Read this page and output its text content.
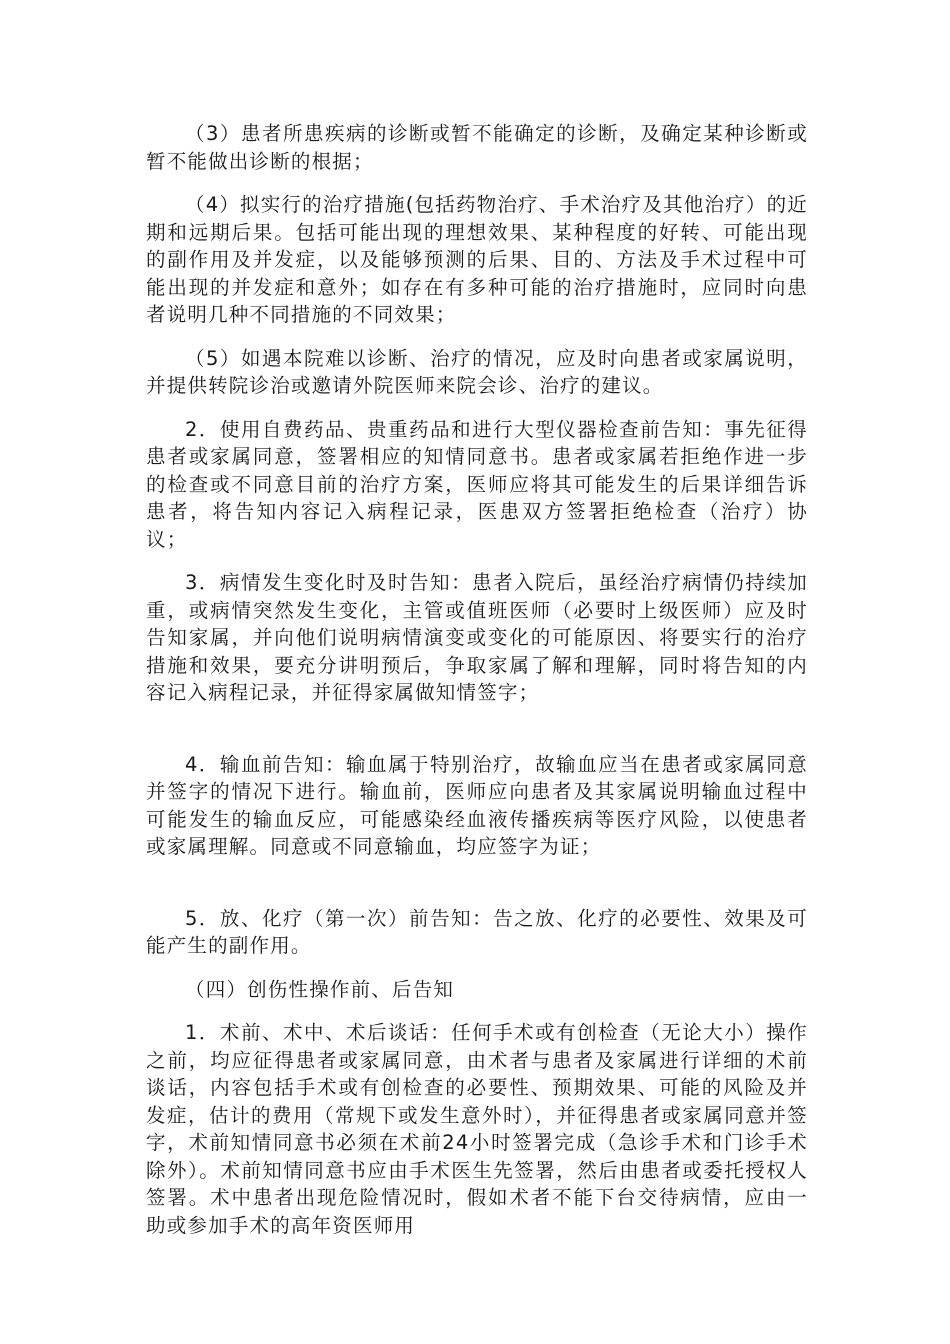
（3）患者所患疾病的诊断或暂不能确定的诊断，及确定某种诊断或暂不能做出诊断的根据；

（4）拟实行的治疗措施(包括药物治疗、手术治疗及其他治疗）的近期和远期后果。包括可能出现的理想效果、某种程度的好转、可能出现的副作用及并发症，以及能够预测的后果、目的、方法及手术过程中可能出现的并发症和意外；如存在有多种可能的治疗措施时，应同时向患者说明几种不同措施的不同效果；

（5）如遇本院难以诊断、治疗的情况，应及时向患者或家属说明，并提供转院诊治或邀请外院医师来院会诊、治疗的建议。

2．使用自费药品、贵重药品和进行大型仪器检查前告知：事先征得患者或家属同意，签署相应的知情同意书。患者或家属若拒绝作进一步的检查或不同意目前的治疗方案，医师应将其可能发生的后果详细告诉患者，将告知内容记入病程记录，医患双方签署拒绝检查（治疗）协议；

3．病情发生变化时及时告知：患者入院后，虽经治疗病情仍持续加重，或病情突然发生变化，主管或值班医师（必要时上级医师）应及时告知家属，并向他们说明病情演变或变化的可能原因、将要实行的治疗措施和效果，要充分讲明预后，争取家属了解和理解，同时将告知的内容记入病程记录，并征得家属做知情签字；

4．输血前告知：输血属于特别治疗，故输血应当在患者或家属同意并签字的情况下进行。输血前，医师应向患者及其家属说明输血过程中可能发生的输血反应，可能感染经血液传播疾病等医疗风险，以使患者或家属理解。同意或不同意输血，均应签字为证；

5．放、化疗（第一次）前告知：告之放、化疗的必要性、效果及可能产生的副作用。

（四）创伤性操作前、后告知

1．术前、术中、术后谈话：任何手术或有创检查（无论大小）操作之前，均应征得患者或家属同意，由术者与患者及家属进行详细的术前谈话，内容包括手术或有创检查的必要性、预期效果、可能的风险及并发症，估计的费用（常规下或发生意外时），并征得患者或家属同意并签字，术前知情同意书必须在术前24小时签署完成（急诊手术和门诊手术除外）。术前知情同意书应由手术医生先签署，然后由患者或委托授权人签署。术中患者出现危险情况时，假如术者不能下台交待病情，应由一助或参加手术的高年资医师用
